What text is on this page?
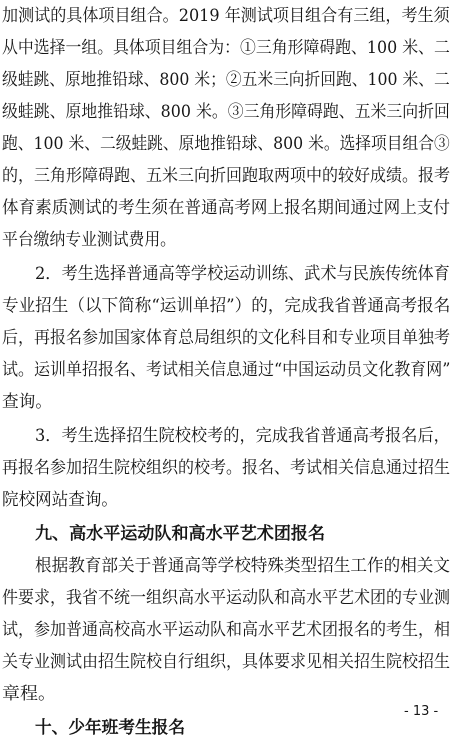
加测试的具体项目组合。2019 年测试项目组合有三组，考生须
从中选择一组。具体项目组合为：①三角形障碍跑、100 米、二
级蛙跳、原地推铅球、800 米；②五米三向折回跑、100 米、二
级蛙跳、原地推铅球、800 米。③三角形障碍跑、五米三向折回
跑、100 米、二级蛙跳、原地推铅球、800 米。选择项目组合③
的，三角形障碍跑、五米三向折回跑取两项中的较好成绩。报考
体育素质测试的考生须在普通高考网上报名期间通过网上支付
平台缴纳专业测试费用。
2．考生选择普通高等学校运动训练、武术与民族传统体育
专业招生（以下简称“运训单招”）的，完成我省普通高考报名
后，再报名参加国家体育总局组织的文化科目和专业项目单独考
试。运训单招报名、考试相关信息通过“中国运动员文化教育网”
查询。
3．考生选择招生院校校考的，完成我省普通高考报名后，
再报名参加招生院校组织的校考。报名、考试相关信息通过招生
院校网站查询。
九、高水平运动队和高水平艺术团报名
根据教育部关于普通高等学校特殊类型招生工作的相关文
件要求，我省不统一组织高水平运动队和高水平艺术团的专业测
试，参加普通高校高水平运动队和高水平艺术团报名的考生，相
关专业测试由招生院校自行组织，具体要求见相关招生院校招生
章程。
十、少年班考生报名
- 13 -
